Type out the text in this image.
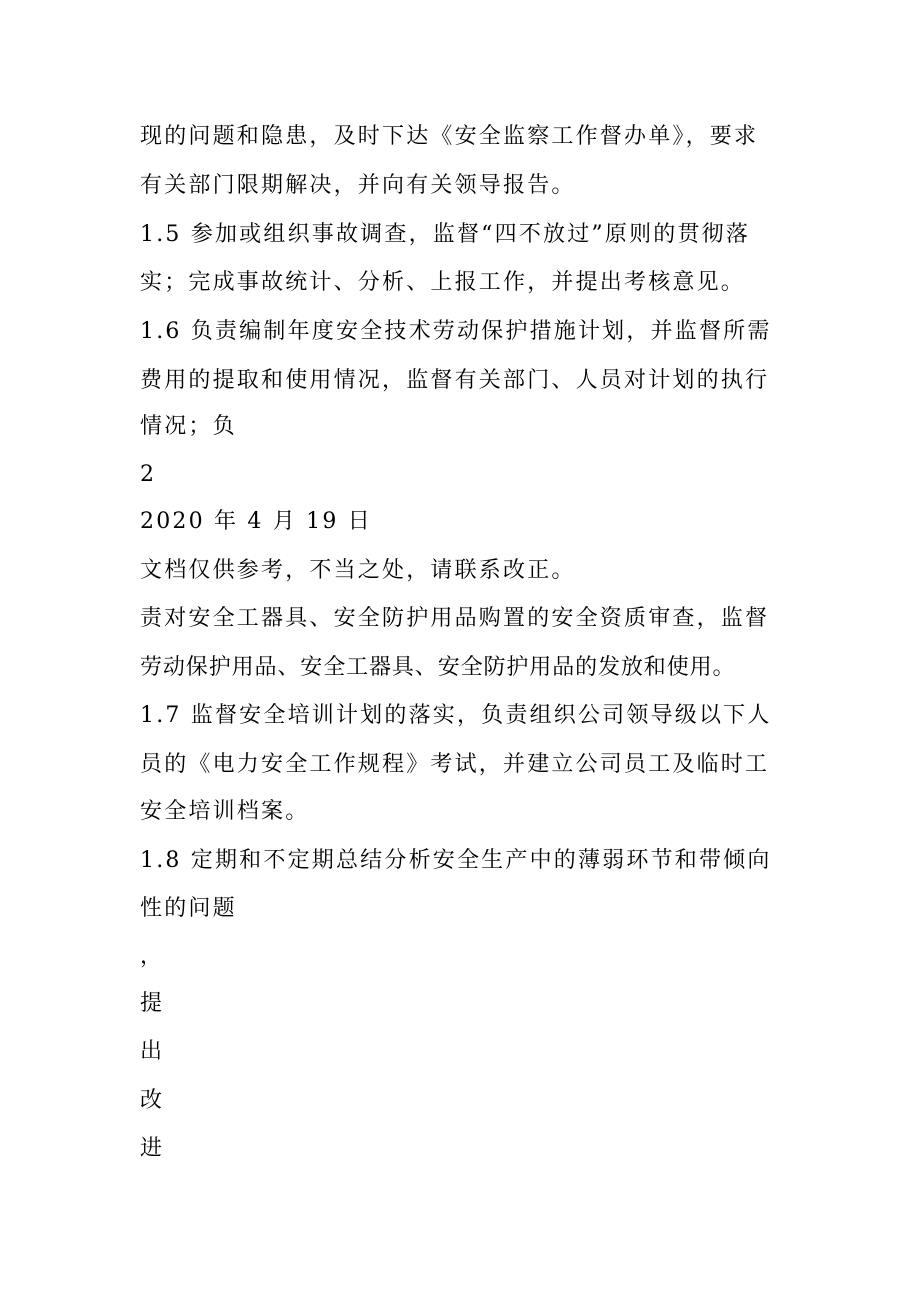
现的问题和隐患，及时下达《安全监察工作督办单》，要求
有关部门限期解决，并向有关领导报告。
1.5 参加或组织事故调查，监督“四不放过”原则的贯彻落
实；完成事故统计、分析、上报工作，并提出考核意见。
1.6 负责编制年度安全技术劳动保护措施计划，并监督所需
费用的提取和使用情况，监督有关部门、人员对计划的执行
情况；负
2
2020 年 4 月 19 日
文档仅供参考，不当之处，请联系改正。
责对安全工器具、安全防护用品购置的安全资质审查，监督
劳动保护用品、安全工器具、安全防护用品的发放和使用。
1.7 监督安全培训计划的落实，负责组织公司领导级以下人
员的《电力安全工作规程》考试，并建立公司员工及临时工
安全培训档案。
1.8 定期和不定期总结分析安全生产中的薄弱环节和带倾向
性的问题
，
提
出
改
进
